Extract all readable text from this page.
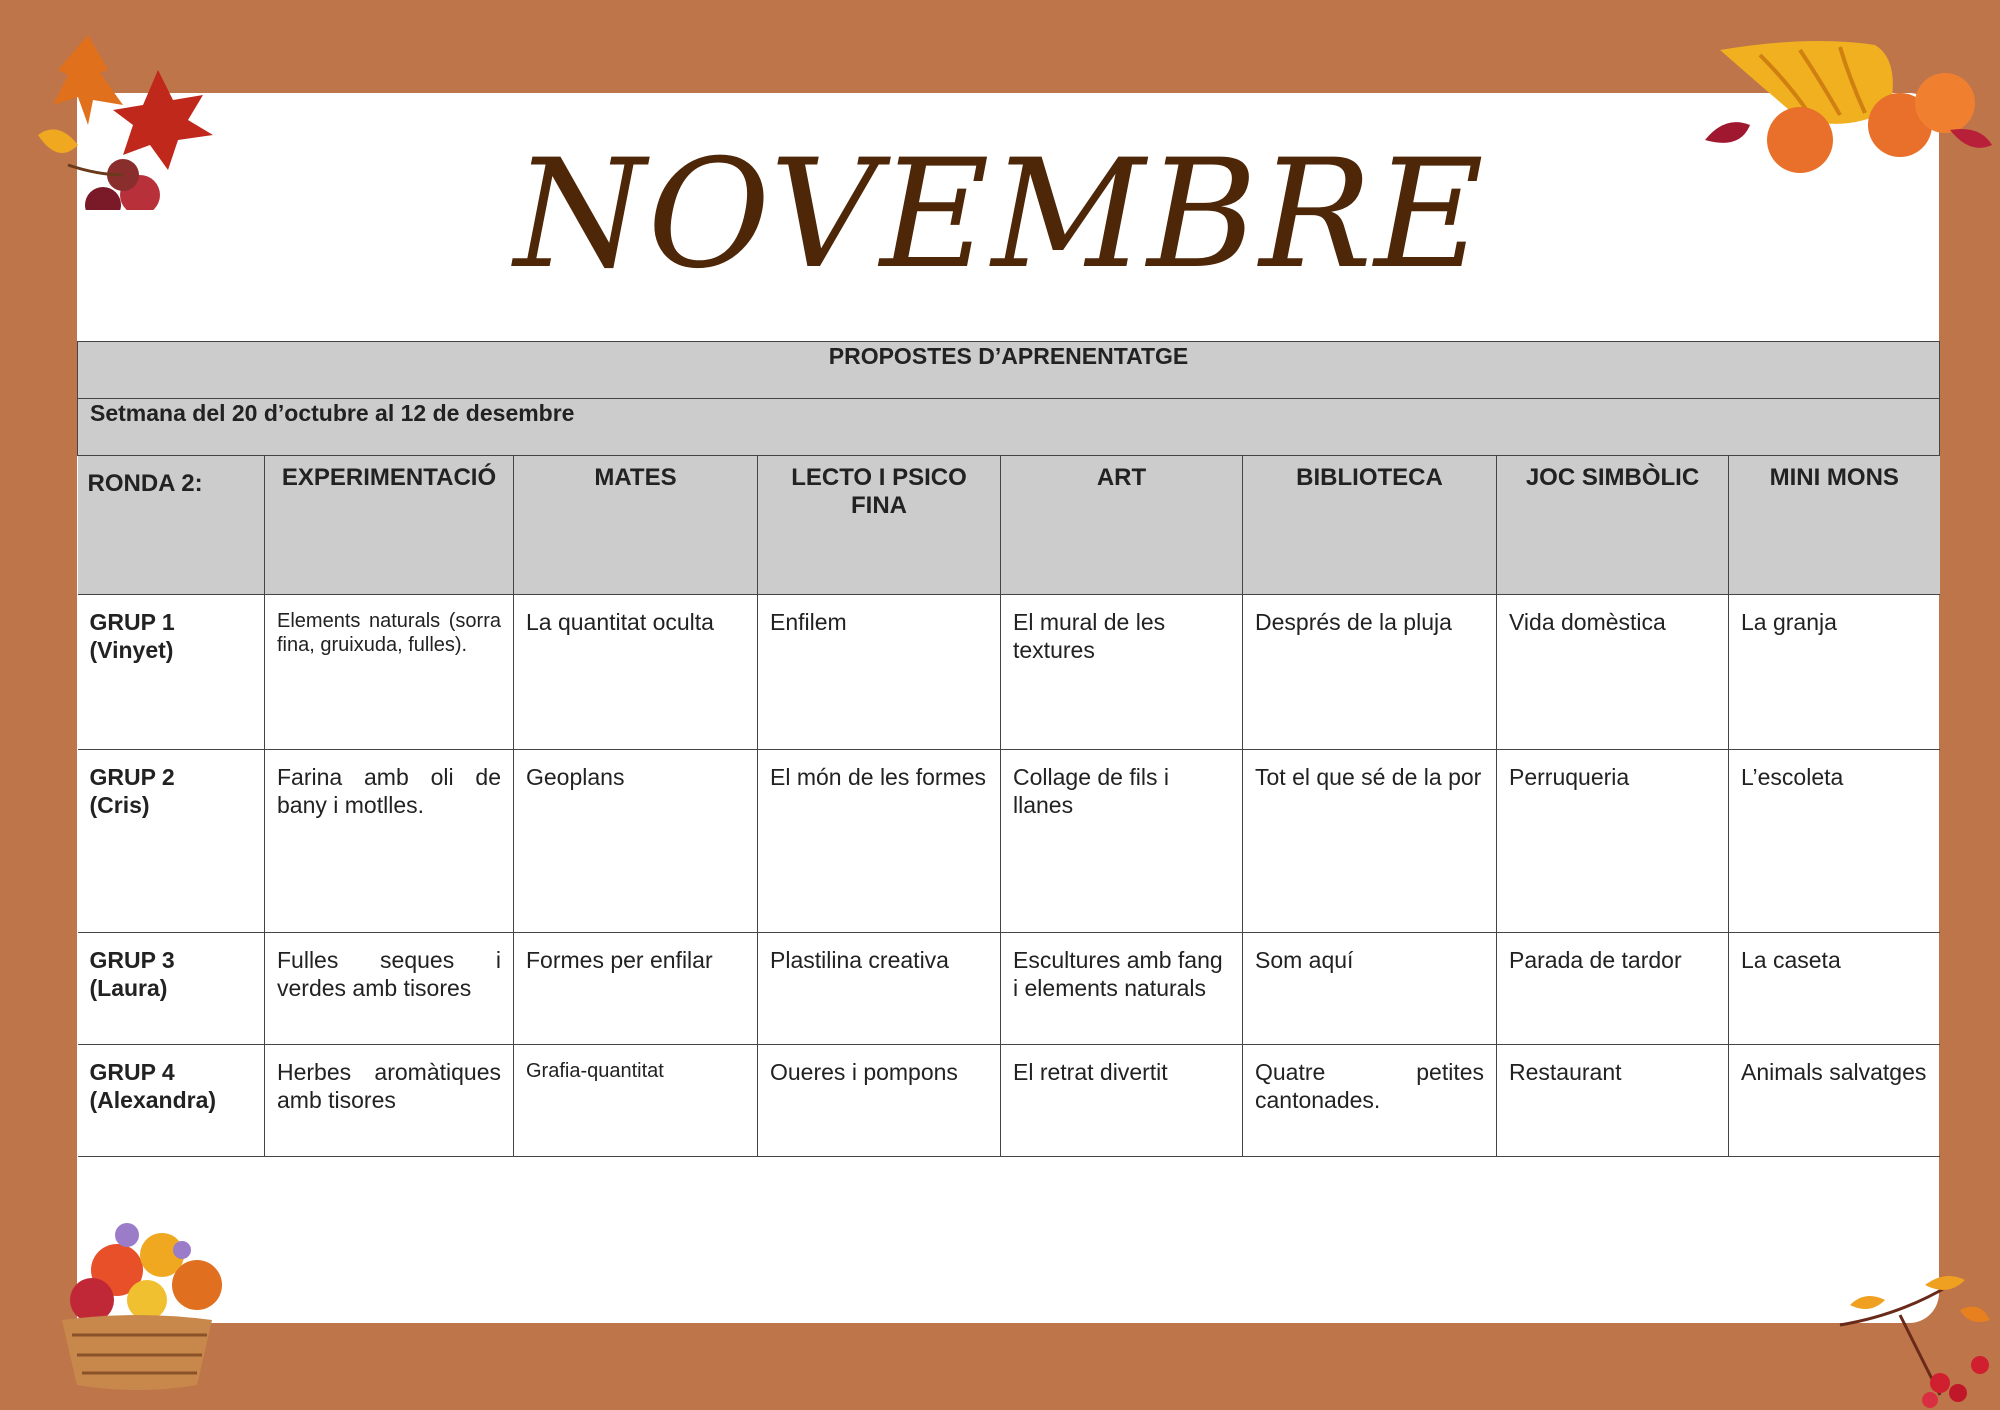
NOVEMBRE
PROPOSTES D’APRENENTATGE							
Setmana del 20 d’octubre al 12 de desembre							
RONDA 2:	EXPERIMENTACIÓ	MATES	LECTO I PSICO FINA	ART	BIBLIOTECA	JOC SIMBÒLIC	MINI MONS

GRUP 1
(Vinyet)	Elements naturals (sorra fina, gruixuda, fulles).	La quantitat oculta	Enfilem	El mural de les textures	Després de la pluja	Vida domèstica	La granja

GRUP 2
(Cris)	Farina amb oli de bany i motlles.	Geoplans	El món de les formes	Collage de fils i llanes	Tot el que sé de la por	Perruqueria	L’escoleta

GRUP 3
(Laura)	Fulles seques i verdes amb tisores	Formes per enfilar	Plastilina creativa	Escultures amb fang i elements naturals	Som aquí	Parada de tardor	La caseta

GRUP 4
(Alexandra)	Herbes aromàtiques amb tisores	Grafia-quantitat	Oueres i pompons	El retrat divertit	Quatre petites cantonades.	Restaurant	Animals salvatges
